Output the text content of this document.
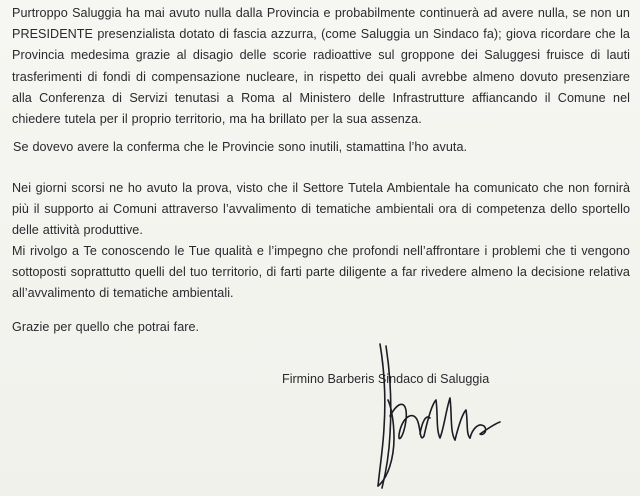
Purtroppo Saluggia ha mai avuto nulla dalla Provincia e probabilmente continuerà ad avere nulla, se non un PRESIDENTE presenzialista dotato di fascia azzurra, (come Saluggia un Sindaco fa); giova ricordare che la Provincia medesima grazie al disagio delle scorie radioattive sul groppone dei Saluggesi fruisce di lauti trasferimenti di fondi di compensazione nucleare, in rispetto dei quali avrebbe almeno dovuto presenziare alla Conferenza di Servizi tenutasi a Roma al Ministero delle Infrastrutture affiancando il Comune nel chiedere tutela per il proprio territorio, ma ha brillato per la sua assenza.
Se dovevo avere la conferma che le Provincie sono inutili, stamattina l’ho avuta.
Nei giorni scorsi ne ho avuto la prova, visto che il Settore Tutela Ambientale ha comunicato che non fornirà più il supporto ai Comuni attraverso l’avvalimento di tematiche ambientali ora di competenza dello sportello delle attività produttive.
Mi rivolgo a Te conoscendo le Tue qualità e l’impegno che profondi nell’affrontare i problemi che ti vengono sottoposti soprattutto quelli del tuo territorio, di farti parte diligente a far rivedere almeno la decisione relativa all’avvalimento di tematiche ambientali.
Grazie per quello che potrai fare.
Firmino Barberis Sindaco di Saluggia
